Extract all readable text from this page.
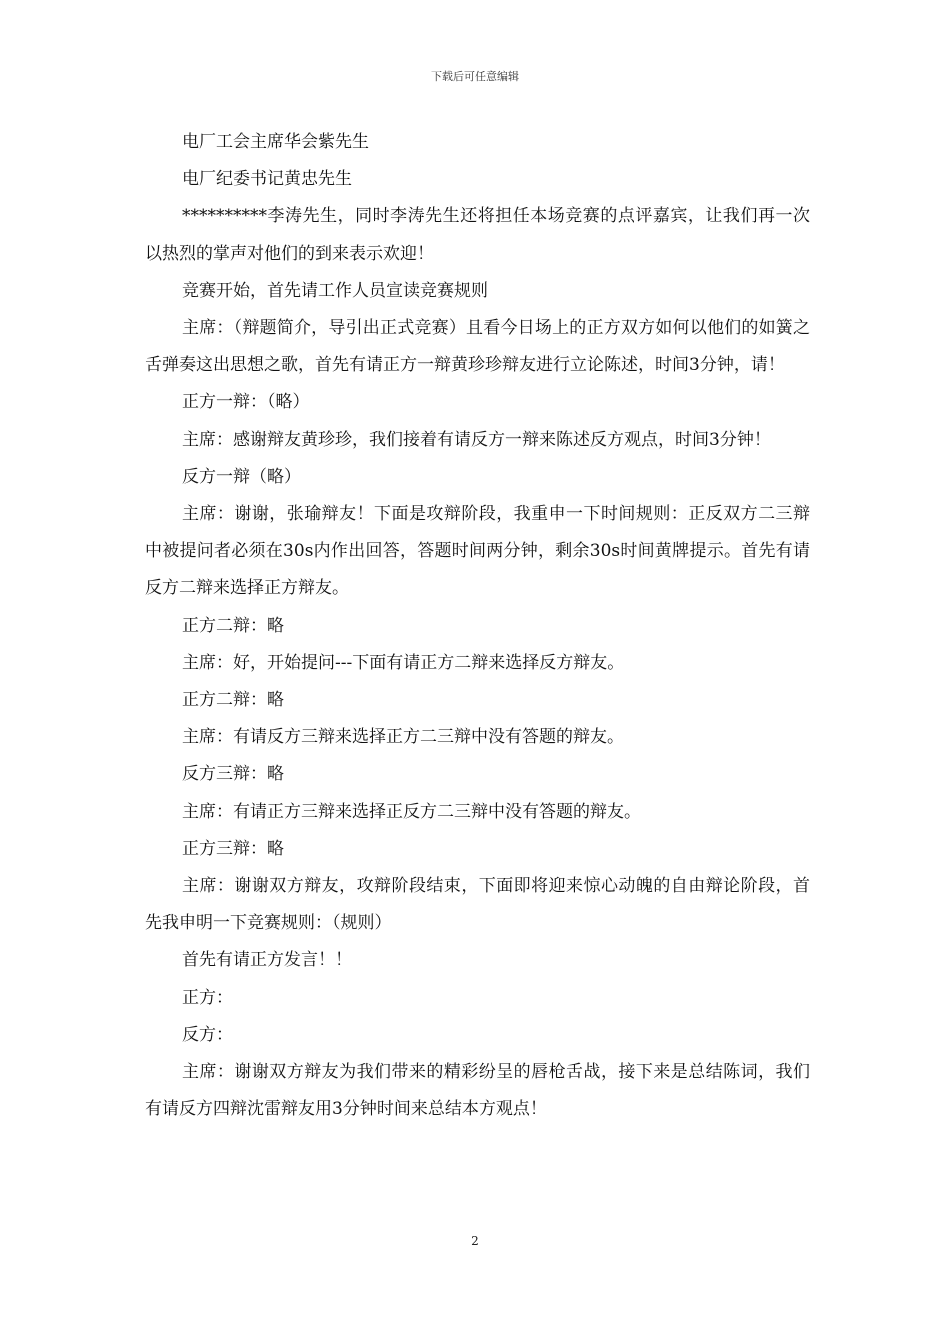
下载后可任意编辑

电厂工会主席华会紫先生

电厂纪委书记黄忠先生

**********李涛先生，同时李涛先生还将担任本场竞赛的点评嘉宾，让我们再一次以热烈的掌声对他们的到来表示欢迎！

竞赛开始，首先请工作人员宣读竞赛规则

主席：（辩题简介，导引出正式竞赛）且看今日场上的正方双方如何以他们的如簧之舌弹奏这出思想之歌，首先有请正方一辩黄珍珍辩友进行立论陈述，时间3分钟，请！

正方一辩：（略）

主席：感谢辩友黄珍珍，我们接着有请反方一辩来陈述反方观点，时间3分钟！

反方一辩（略）

主席：谢谢，张瑜辩友！下面是攻辩阶段，我重申一下时间规则：正反双方二三辩中被提问者必须在30s内作出回答，答题时间两分钟，剩余30s时间黄牌提示。首先有请反方二辩来选择正方辩友。

正方二辩：略

主席：好，开始提问---下面有请正方二辩来选择反方辩友。

正方二辩：略

主席：有请反方三辩来选择正方二三辩中没有答题的辩友。

反方三辩：略

主席：有请正方三辩来选择正反方二三辩中没有答题的辩友。

正方三辩：略

主席：谢谢双方辩友，攻辩阶段结束，下面即将迎来惊心动魄的自由辩论阶段，首先我申明一下竞赛规则：（规则）

首先有请正方发言！！

正方：

反方：

主席：谢谢双方辩友为我们带来的精彩纷呈的唇枪舌战，接下来是总结陈词，我们有请反方四辩沈雷辩友用3分钟时间来总结本方观点！

2
